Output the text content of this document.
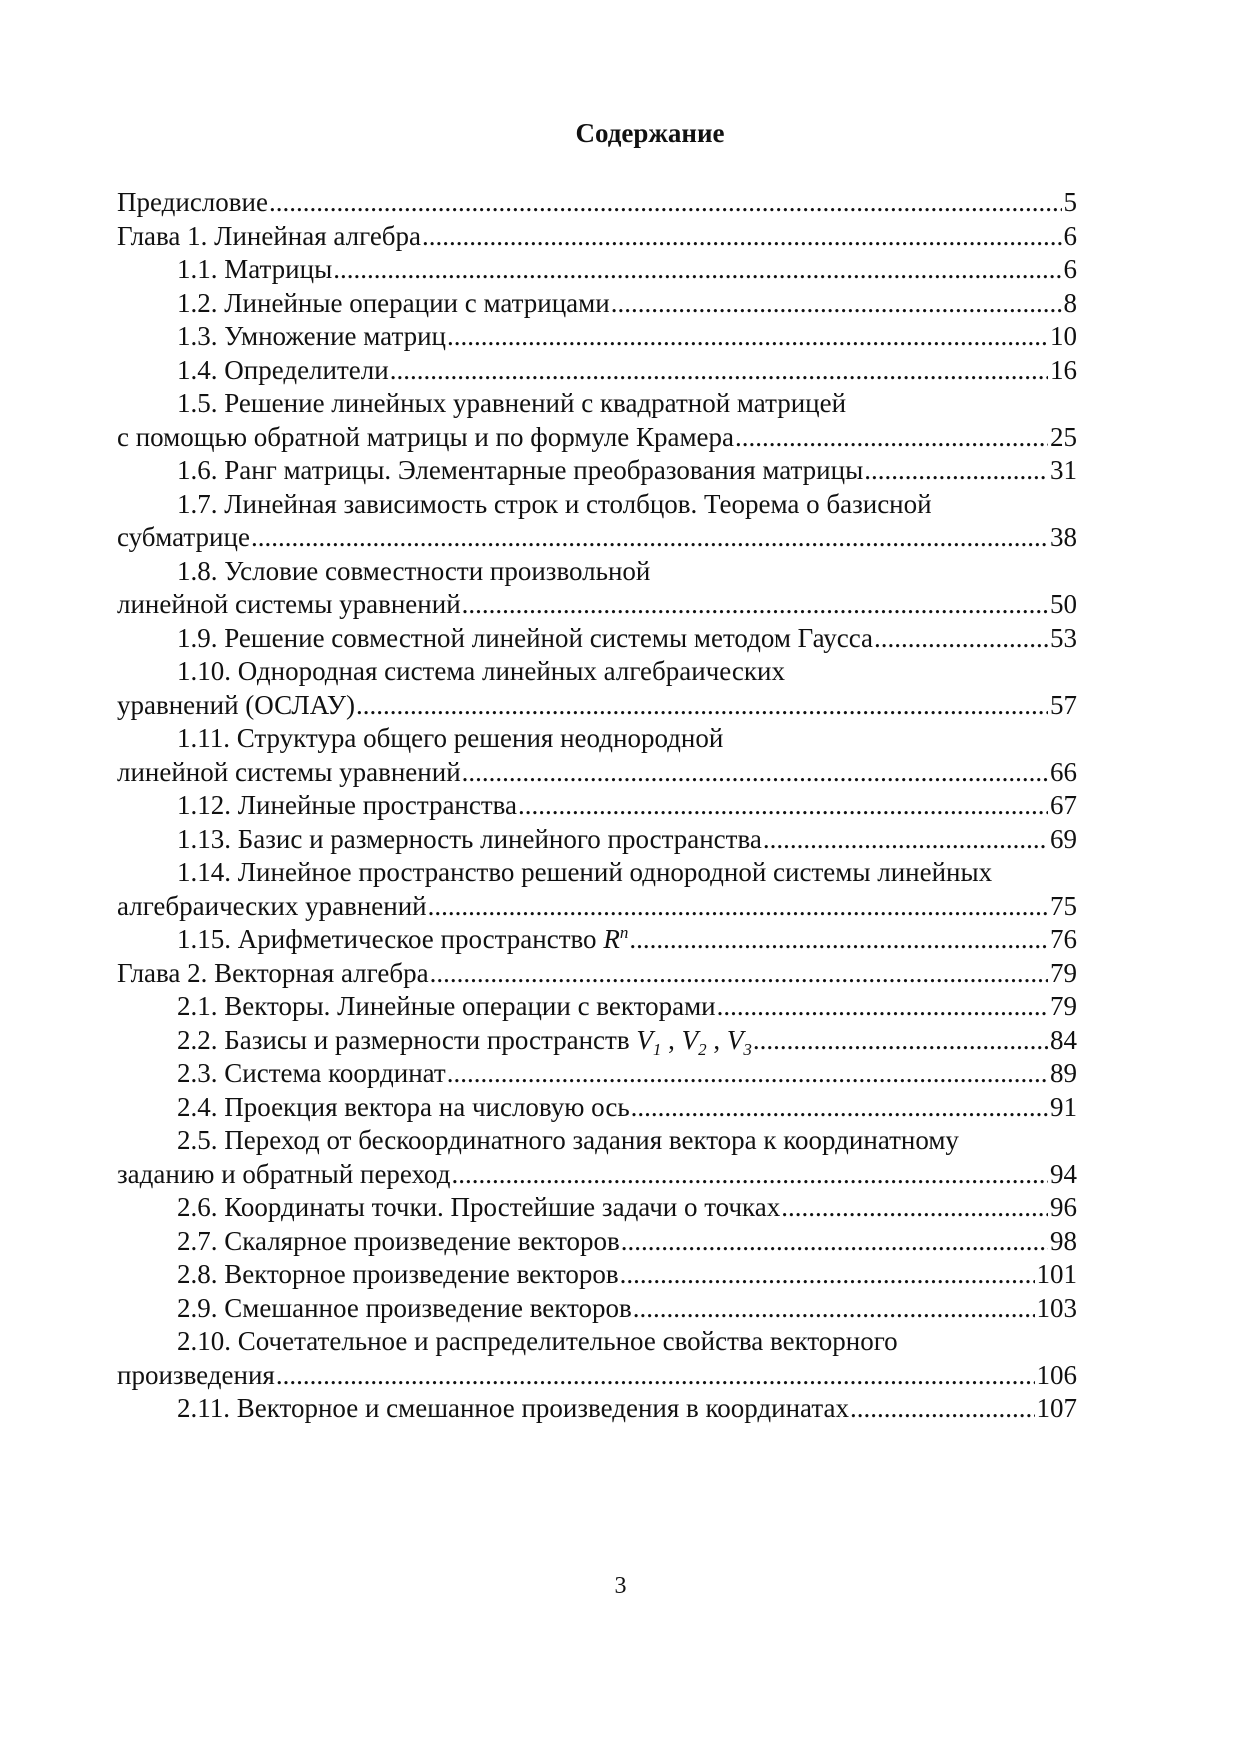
Содержание
Предисловие .....	5
Глава 1. Линейная алгебра .....	6
1.1. Матрицы .....	6
1.2. Линейные операции с матрицами .....	8
1.3. Умножение матриц .....	10
1.4. Определители .....	16
1.5. Решение линейных уравнений с квадратной матрицей
с помощью обратной матрицы и по формуле Крамера .....	25
1.6. Ранг матрицы. Элементарные преобразования матрицы .....	31
1.7. Линейная зависимость строк и столбцов. Теорема о базисной
субматрице .....	38
1.8. Условие совместности произвольной
линейной системы уравнений .....	50
1.9. Решение совместной линейной системы методом Гаусса .....	53
1.10. Однородная система линейных алгебраических
уравнений (ОСЛАУ) .....	57
1.11. Структура общего решения неоднородной
линейной системы уравнений .....	66
1.12. Линейные пространства .....	67
1.13. Базис и размерность линейного пространства .....	69
1.14. Линейное пространство решений однородной системы линейных
алгебраических уравнений .....	75
1.15. Арифметическое пространство $R^n$ .....	76
Глава 2. Векторная алгебра .....	79
2.1. Векторы. Линейные операции с векторами .....	79
2.2. Базисы и размерности пространств $V_1$ , $V_2$ , $V_3$ .....	84
2.3. Система координат .....	89
2.4. Проекция вектора на числовую ось .....	91
2.5. Переход от бескоординатного задания вектора к координатному
заданию и обратный переход .....	94
2.6. Координаты точки. Простейшие задачи о точках .....	96
2.7. Скалярное произведение векторов .....	98
2.8. Векторное произведение векторов .....	101
2.9. Смешанное произведение векторов .....	103
2.10. Сочетательное и распределительное свойства векторного
произведения .....	106
2.11. Векторное и смешанное произведения в координатах .....	107
3
